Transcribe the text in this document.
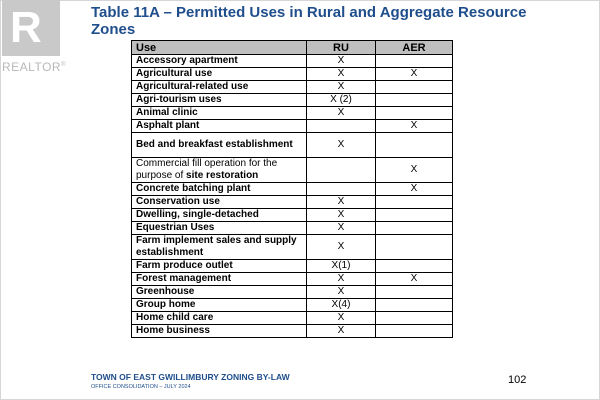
R
REALTOR®
Table 11A – Permitted Uses in Rural and Aggregate Resource Zones
Use	RU	AER
Accessory apartment	X	
Agricultural use	X	X
Agricultural-related use	X	
Agri-tourism uses	X (2)	
Animal clinic	X	
Asphalt plant		X
Bed and breakfast establishment	X	
Commercial fill operation for the purpose of site restoration		X
Concrete batching plant		X
Conservation use	X	
Dwelling, single-detached	X	
Equestrian Uses	X	
Farm implement sales and supply establishment	X	
Farm produce outlet	X(1)	
Forest management	X	X
Greenhouse	X	
Group home	X(4)	
Home child care	X	
Home business	X	
TOWN OF EAST GWILLIMBURY ZONING BY-LAW
OFFICE CONSOLIDATION – JULY 2024
102
